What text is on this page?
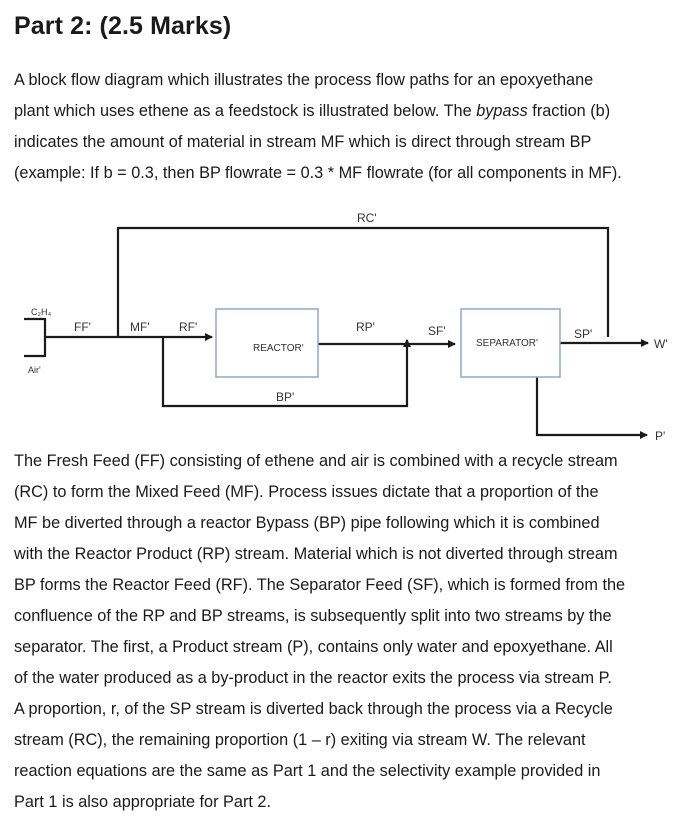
Part 2: (2.5 Marks)
A block flow diagram which illustrates the process flow paths for an epoxyethane
plant which uses ethene as a feedstock is illustrated below. The bypass fraction (b)
indicates the amount of material in stream MF which is direct through stream BP
(example: If b = 0.3, then BP flowrate = 0.3 * MF flowrate (for all components in MF).
RC'
C₂H₄
Air'
FF'	MF' RF'
REACTOR'
RP'	SF'
SEPARATOR'
SP'
W'
BP'
P'
The Fresh Feed (FF) consisting of ethene and air is combined with a recycle stream
(RC) to form the Mixed Feed (MF). Process issues dictate that a proportion of the
MF be diverted through a reactor Bypass (BP) pipe following which it is combined
with the Reactor Product (RP) stream. Material which is not diverted through stream
BP forms the Reactor Feed (RF). The Separator Feed (SF), which is formed from the
confluence of the RP and BP streams, is subsequently split into two streams by the
separator. The first, a Product stream (P), contains only water and epoxyethane. All
of the water produced as a by-product in the reactor exits the process via stream P.
A proportion, r, of the SP stream is diverted back through the process via a Recycle
stream (RC), the remaining proportion (1 – r) exiting via stream W. The relevant
reaction equations are the same as Part 1 and the selectivity example provided in
Part 1 is also appropriate for Part 2.
